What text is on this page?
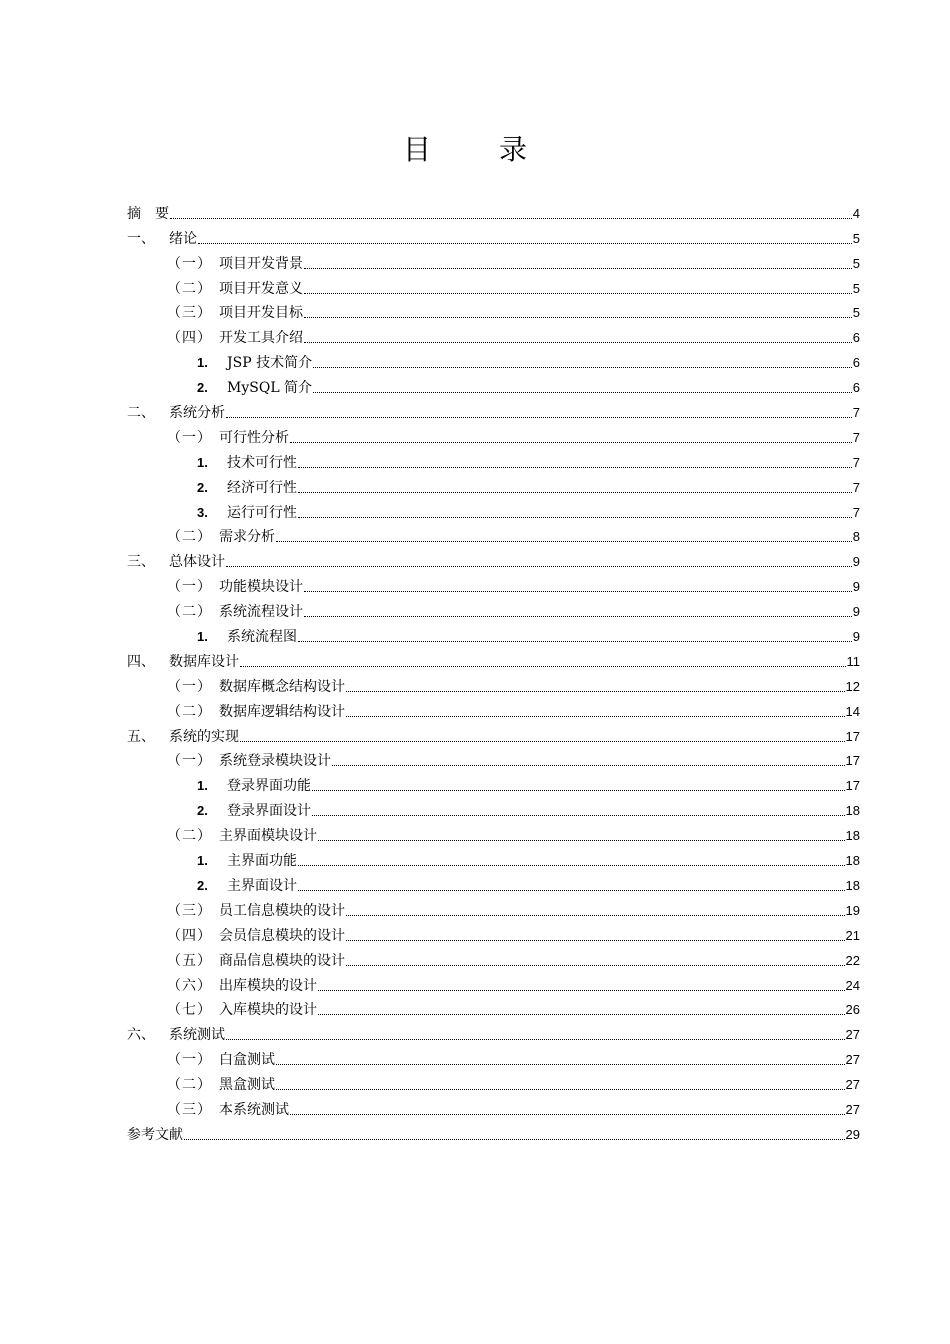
目　录
摘　要	4
一、	绪论	5
（一） 项目开发背景	5
（二） 项目开发意义	5
（三） 项目开发目标	5
（四） 开发工具介绍	6
1.	JSP 技术简介	6
2.	MySQL 简介	6
二、	系统分析	7
（一） 可行性分析	7
1.	技术可行性	7
2.	经济可行性	7
3.	运行可行性	7
（二） 需求分析	8
三、	总体设计	9
（一） 功能模块设计	9
（二） 系统流程设计	9
1.	系统流程图	9
四、	数据库设计	11
（一） 数据库概念结构设计	12
（二） 数据库逻辑结构设计	14
五、	系统的实现	17
（一） 系统登录模块设计	17
1.	登录界面功能	17
2.	登录界面设计	18
（二） 主界面模块设计	18
1.	主界面功能	18
2.	主界面设计	18
（三） 员工信息模块的设计	19
（四） 会员信息模块的设计	21
（五） 商品信息模块的设计	22
（六） 出库模块的设计	24
（七） 入库模块的设计	26
六、	系统测试	27
（一） 白盒测试	27
（二） 黑盒测试	27
（三） 本系统测试	27
参考文献	29
